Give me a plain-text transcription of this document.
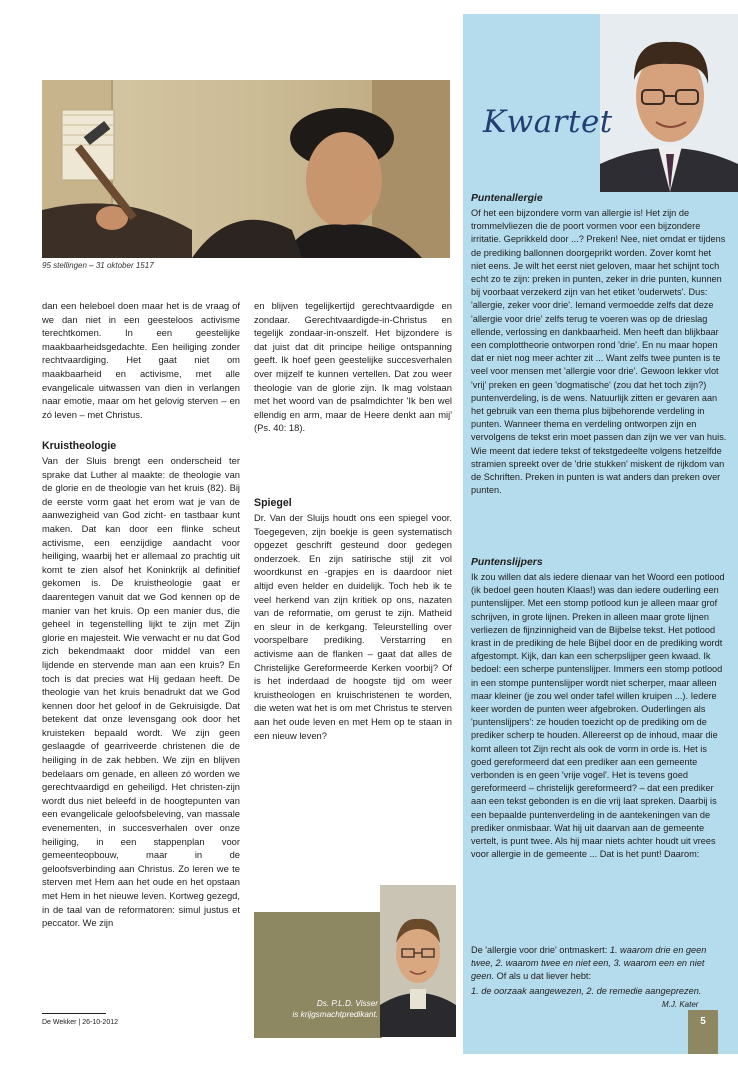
95 stellingen – 31 oktober 1517

dan een heleboel doen maar het is de vraag of we dan niet in een geesteloos activisme terechtkomen. In een geestelijke maakbaarheidsgedachte. Een heiliging zonder rechtvaardiging. Het gaat niet om maakbaarheid en activisme, met alle evangelicale uitwassen van dien in verlangen naar emotie, maar om het gelovig sterven – en zó leven – met Christus.

Kruistheologie

Van der Sluis brengt een onderscheid ter sprake dat Luther al maakte: de theologie van de glorie en de theologie van het kruis (82). Bij de eerste vorm gaat het erom wat je van de aanwezigheid van God zicht- en tastbaar kunt maken. Dat kan door een flinke scheut activisme, een eenzijdige aandacht voor heiliging, waarbij het er allemaal zo prachtig uit komt te zien alsof het Koninkrijk al definitief gekomen is. De kruistheologie gaat er daarentegen vanuit dat we God kennen op de manier van het kruis. Op een manier dus, die geheel in tegenstelling lijkt te zijn met Zijn glorie en majesteit. Wie verwacht er nu dat God zich bekendmaakt door middel van een lijdende en stervende man aan een kruis? En toch is dat precies wat Hij gedaan heeft. De theologie van het kruis benadrukt dat we God kennen door het geloof in de Gekruisigde. Dat betekent dat onze levensgang ook door het kruisteken bepaald wordt. We zijn geen geslaagde of gearriveerde christenen die de heiliging in de zak hebben. We zijn en blijven bedelaars om genade, en alleen zó worden we gerechtvaardigd en geheiligd. Het christen-zijn wordt dus niet beleefd in de hoogtepunten van een evangelicale geloofsbeleving, van massale evenementen, in succesverhalen over onze heiliging, in een stappenplan voor gemeenteopbouw, maar in de geloofsverbinding aan Christus. Zo leren we te sterven met Hem aan het oude en het opstaan met Hem in het nieuwe leven. Kortweg gezegd, in de taal van de reformatoren: simul justus et peccator. We zijn

en blijven tegelijkertijd gerechtvaardigde en zondaar. Gerechtvaardigde-in-Christus en tegelijk zondaar-in-onszelf. Het bijzondere is dat juist dat dit principe heilige ontspanning geeft. Ik hoef geen geestelijke succesverhalen over mijzelf te kunnen vertellen. Dat zou weer theologie van de glorie zijn. Ik mag volstaan met het woord van de psalmdichter 'Ik ben wel ellendig en arm, maar de Heere denkt aan mij' (Ps. 40: 18).

Spiegel

Dr. Van der Sluijs houdt ons een spiegel voor. Toegegeven, zijn boekje is geen systematisch opgezet geschrift gesteund door gedegen onderzoek. En zijn satirische stijl zit vol woordkunst en -grapjes en is daardoor niet altijd even helder en duidelijk. Toch heb ik te veel herkend van zijn kritiek op ons, nazaten van de reformatie, om gerust te zijn. Matheid en sleur in de kerkgang. Teleurstelling over voorspelbare prediking. Verstarring en activisme aan de flanken – gaat dat alles de Christelijke Gereformeerde Kerken voorbij? Of is het inderdaad de hoogste tijd om weer kruistheologen en kruischristenen te worden, die weten wat het is om met Christus te sterven aan het oude leven en met Hem op te staan in een nieuw leven?

Ds. P.L.D. Visser
is krijgsmachtpredikant.
Kwartet
Puntenallergie

Of het een bijzondere vorm van allergie is! Het zijn de trommelvliezen die de poort vormen voor een bijzondere irritatie. Geprikkeld door ...? Preken! Nee, niet omdat er tijdens de prediking ballonnen doorgeprikt worden. Zover komt het niet eens. Je wilt het eerst niet geloven, maar het schijnt toch echt zo te zijn: preken in punten, zeker in drie punten, kunnen bij voorbaat verzekerd zijn van het etiket 'ouderwets'. Dus: 'allergie, zeker voor drie'. Iemand vermoedde zelfs dat deze 'allergie voor drie' zelfs terug te voeren was op de drieslag ellende, verlossing en dankbaarheid. Men heeft dan blijkbaar een complottheorie ontworpen rond 'drie'. En nu maar hopen dat er niet nog meer achter zit ... Want zelfs twee punten is te veel voor mensen met 'allergie voor drie'. Gewoon lekker vlot 'vrij' preken en geen 'dogmatische' (zou dat het toch zijn?) puntenverdeling, is de wens. Natuurlijk zitten er gevaren aan het gebruik van een thema plus bijbehorende verdeling in punten. Wanneer thema en verdeling ontworpen zijn en vervolgens de tekst erin moet passen dan zijn we ver van huis. Wie meent dat iedere tekst of tekstgedeelte volgens hetzelfde stramien spreekt over de 'drie stukken' miskent de rijkdom van de Schriften. Preken in punten is wat anders dan preken over punten.

Puntenslijpers

Ik zou willen dat als iedere dienaar van het Woord een potlood (ik bedoel geen houten Klaas!) was dan iedere ouderling een puntenslijper. Met een stomp potlood kun je alleen maar grof schrijven, in grote lijnen. Preken in alleen maar grote lijnen verliezen de fijnzinnigheid van de Bijbelse tekst. Het potlood krast in de prediking de hele Bijbel door en de prediking wordt afgestompt. Kijk, dan kan een scherpslijper geen kwaad. Ik bedoel: een scherpe puntenslijper. Immers een stomp potlood in een stompe puntenslijper wordt niet scherper, maar alleen maar kleiner (je zou wel onder tafel willen kruipen ...). Iedere keer worden de punten weer afgebroken. Ouderlingen als 'puntenslijpers': ze houden toezicht op de prediking om de prediker scherp te houden. Allereerst op de inhoud, maar die komt alleen tot Zijn recht als ook de vorm in orde is. Het is goed gereformeerd dat een prediker aan een gemeente verbonden is en geen 'vrije vogel'. Het is tevens goed gereformeerd – christelijk gereformeerd? – dat een prediker aan een tekst gebonden is en die vrij laat spreken. Daarbij is een bepaalde puntenverdeling in de aantekeningen van de prediker onmisbaar. Wat hij uit daarvan aan de gemeente vertelt, is punt twee. Als hij maar niets achter houdt uit vrees voor allergie in de gemeente ... Dat is het punt! Daarom:

De 'allergie voor drie' ontmaskert: 1. waarom drie en geen twee, 2. waarom twee en niet een, 3. waarom een en niet geen. Of als u dat liever hebt:

1. de oorzaak aangewezen, 2. de remedie aangeprezen.

M.J. Kater
De Wekker | 26-10-2012	5
